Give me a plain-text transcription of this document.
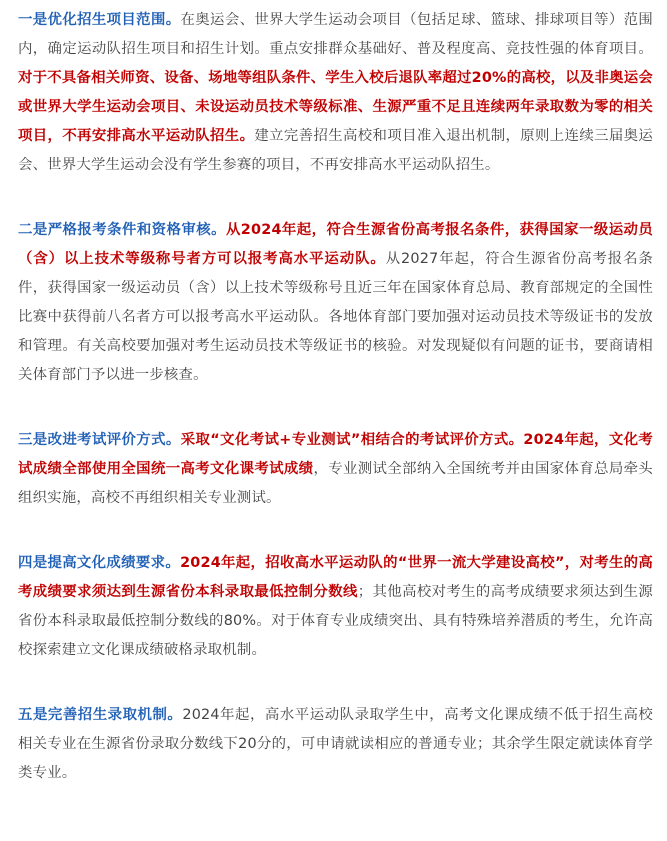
一是优化招生项目范围。在奥运会、世界大学生运动会项目（包括足球、篮球、排球项目等）范围内，确定运动队招生项目和招生计划。重点安排群众基础好、普及程度高、竞技性强的体育项目。对于不具备相关师资、设备、场地等组队条件、学生入校后退队率超过20%的高校，以及非奥运会或世界大学生运动会项目、未设运动员技术等级标准、生源严重不足且连续两年录取数为零的相关项目，不再安排高水平运动队招生。建立完善招生高校和项目准入退出机制，原则上连续三届奥运会、世界大学生运动会没有学生参赛的项目，不再安排高水平运动队招生。

二是严格报考条件和资格审核。从2024年起，符合生源省份高考报名条件，获得国家一级运动员（含）以上技术等级称号者方可以报考高水平运动队。从2027年起，符合生源省份高考报名条件，获得国家一级运动员（含）以上技术等级称号且近三年在国家体育总局、教育部规定的全国性比赛中获得前八名者方可以报考高水平运动队。各地体育部门要加强对运动员技术等级证书的发放和管理。有关高校要加强对考生运动员技术等级证书的核验。对发现疑似有问题的证书，要商请相关体育部门予以进一步核查。

三是改进考试评价方式。采取“文化考试+专业测试”相结合的考试评价方式。2024年起，文化考试成绩全部使用全国统一高考文化课考试成绩，专业测试全部纳入全国统考并由国家体育总局牵头组织实施，高校不再组织相关专业测试。

四是提高文化成绩要求。2024年起，招收高水平运动队的“世界一流大学建设高校”，对考生的高考成绩要求须达到生源省份本科录取最低控制分数线；其他高校对考生的高考成绩要求须达到生源省份本科录取最低控制分数线的80%。对于体育专业成绩突出、具有特殊培养潜质的考生，允许高校探索建立文化课成绩破格录取机制。

五是完善招生录取机制。2024年起，高水平运动队录取学生中，高考文化课成绩不低于招生高校相关专业在生源省份录取分数线下20分的，可申请就读相应的普通专业；其余学生限定就读体育学类专业。
